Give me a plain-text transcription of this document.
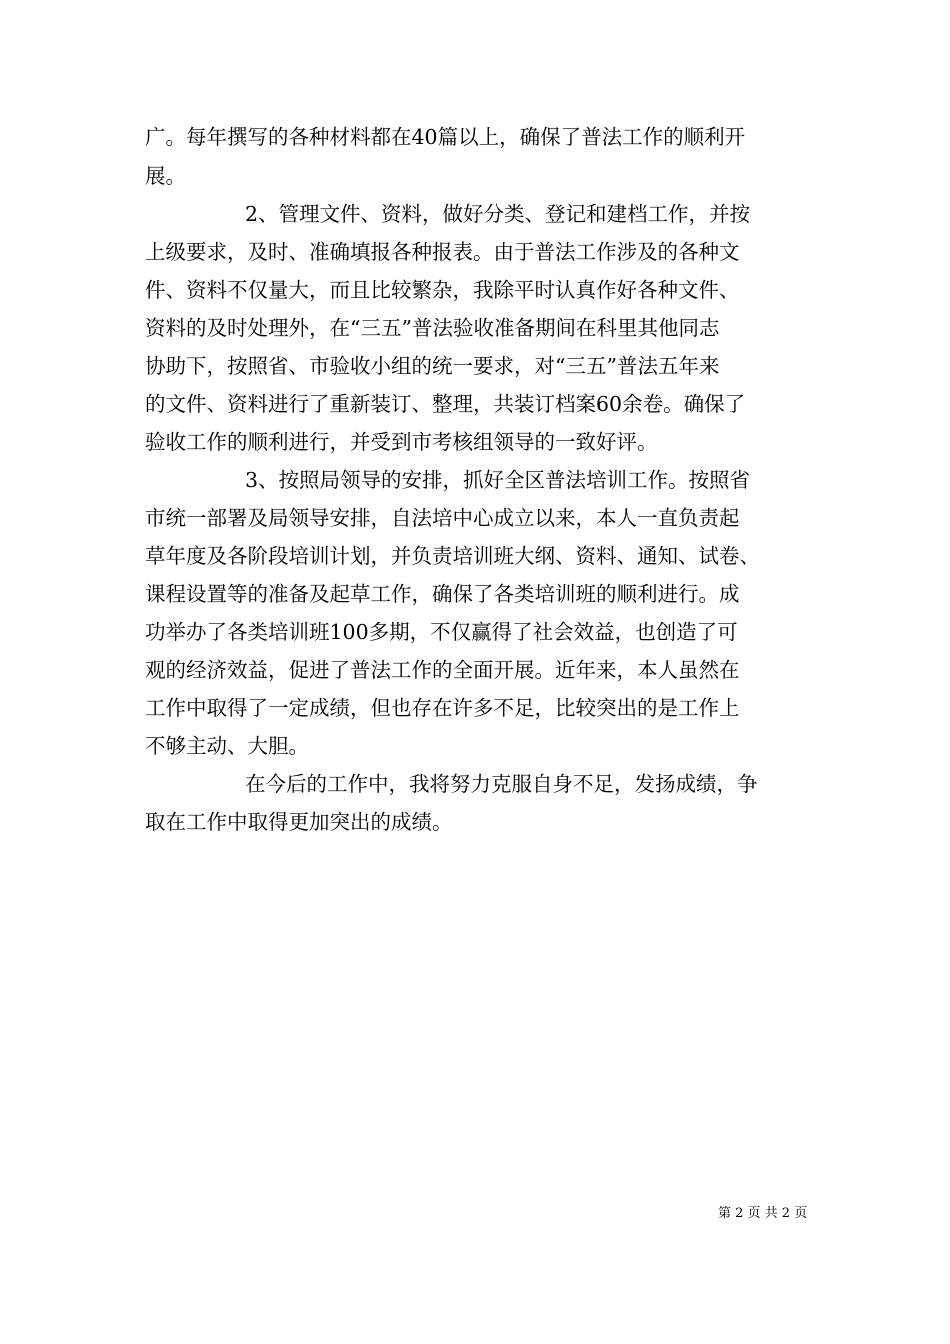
广。每年撰写的各种材料都在40篇以上，确保了普法工作的顺利开

展。

2、管理文件、资料，做好分类、登记和建档工作，并按

上级要求，及时、准确填报各种报表。由于普法工作涉及的各种文

件、资料不仅量大，而且比较繁杂，我除平时认真作好各种文件、

资料的及时处理外，在“三五”普法验收准备期间在科里其他同志

协助下，按照省、市验收小组的统一要求，对“三五”普法五年来

的文件、资料进行了重新装订、整理，共装订档案60余卷。确保了

验收工作的顺利进行，并受到市考核组领导的一致好评。

3、按照局领导的安排，抓好全区普法培训工作。按照省

市统一部署及局领导安排，自法培中心成立以来，本人一直负责起

草年度及各阶段培训计划，并负责培训班大纲、资料、通知、试卷、

课程设置等的准备及起草工作，确保了各类培训班的顺利进行。成

功举办了各类培训班100多期，不仅赢得了社会效益，也创造了可

观的经济效益，促进了普法工作的全面开展。近年来，本人虽然在

工作中取得了一定成绩，但也存在许多不足，比较突出的是工作上

不够主动、大胆。

在今后的工作中，我将努力克服自身不足，发扬成绩，争

取在工作中取得更加突出的成绩。

第 2 页 共 2 页
